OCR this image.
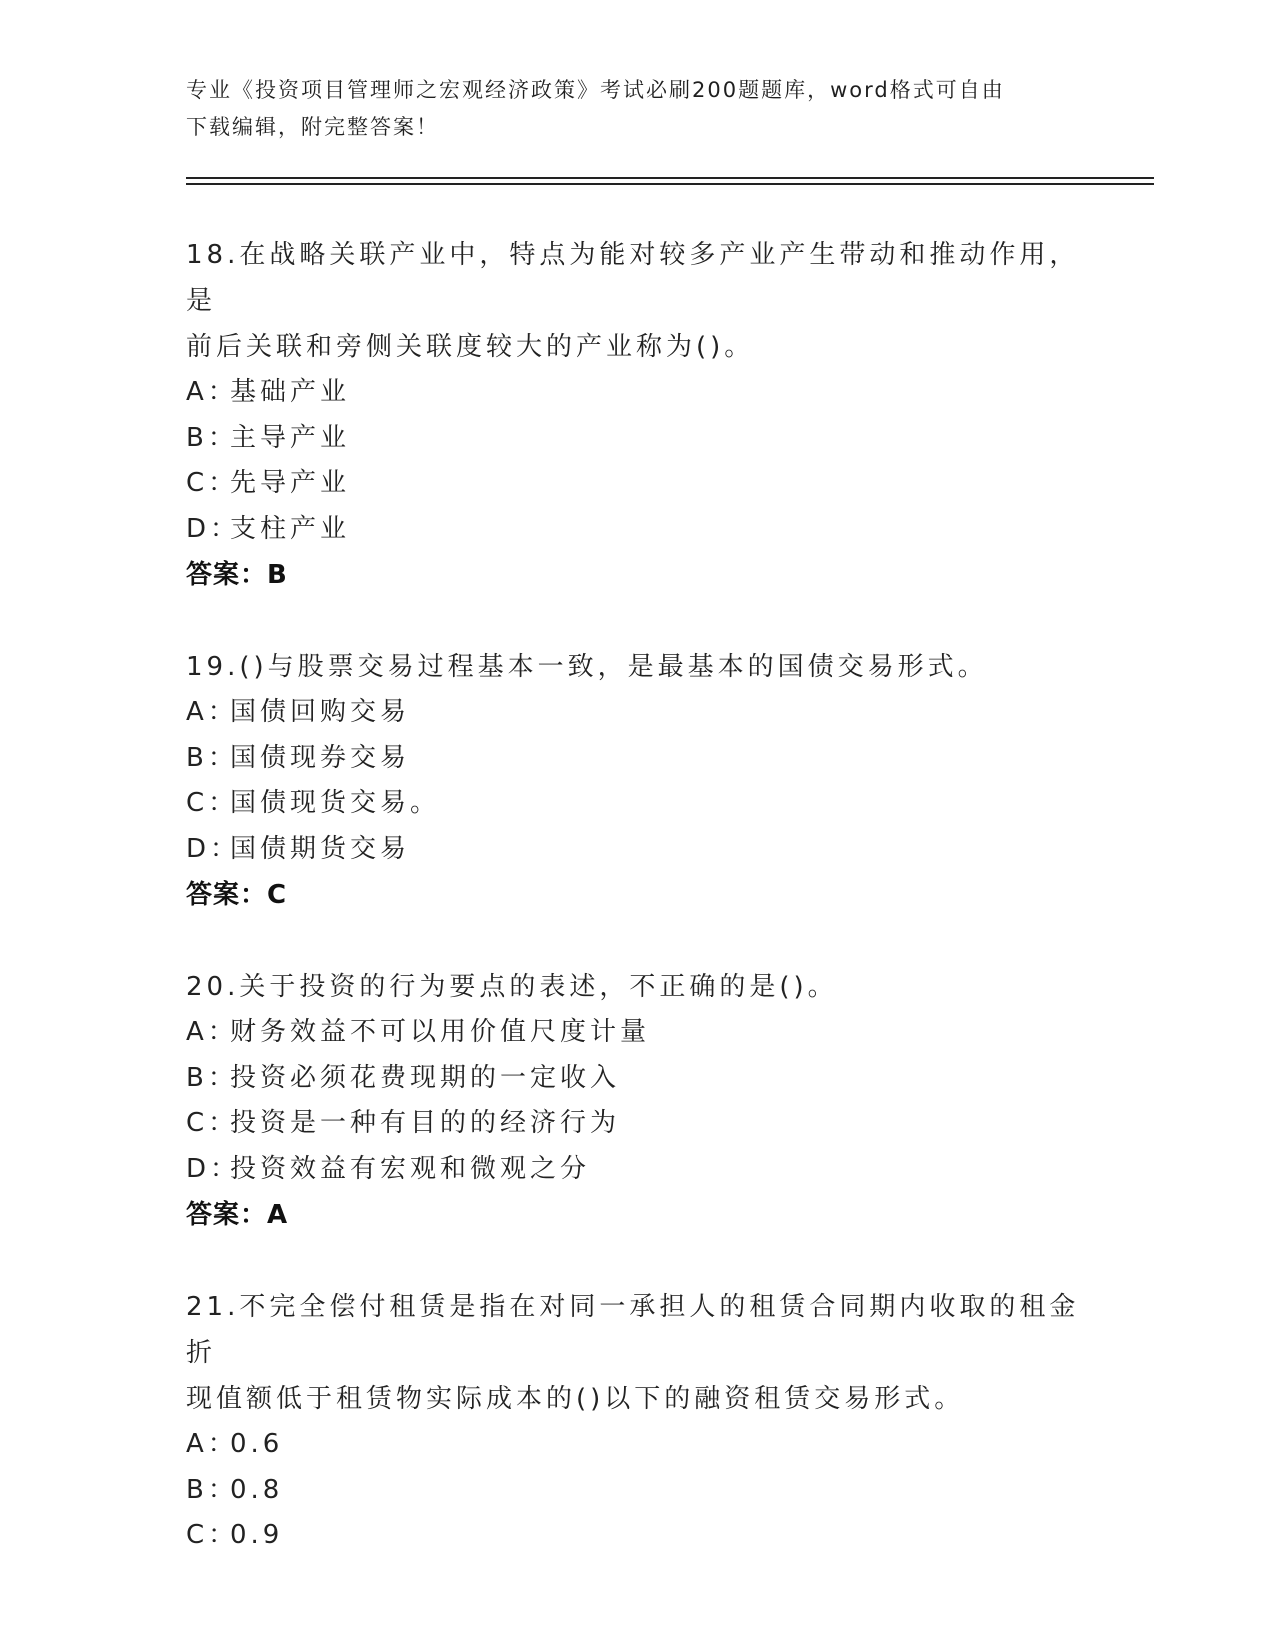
专业《投资项目管理师之宏观经济政策》考试必刷200题题库，word格式可自由
下载编辑，附完整答案！
18.在战略关联产业中，特点为能对较多产业产生带动和推动作用，是
前后关联和旁侧关联度较大的产业称为()。
A：基础产业
B：主导产业
C：先导产业
D：支柱产业
答案：B
19.()与股票交易过程基本一致，是最基本的国债交易形式。
A：国债回购交易
B：国债现券交易
C：国债现货交易。
D：国债期货交易
答案：C
20.关于投资的行为要点的表述，不正确的是()。
A：财务效益不可以用价值尺度计量
B：投资必须花费现期的一定收入
C：投资是一种有目的的经济行为
D：投资效益有宏观和微观之分
答案：A
21.不完全偿付租赁是指在对同一承担人的租赁合同期内收取的租金折
现值额低于租赁物实际成本的()以下的融资租赁交易形式。
A：0.6
B：0.8
C：0.9
